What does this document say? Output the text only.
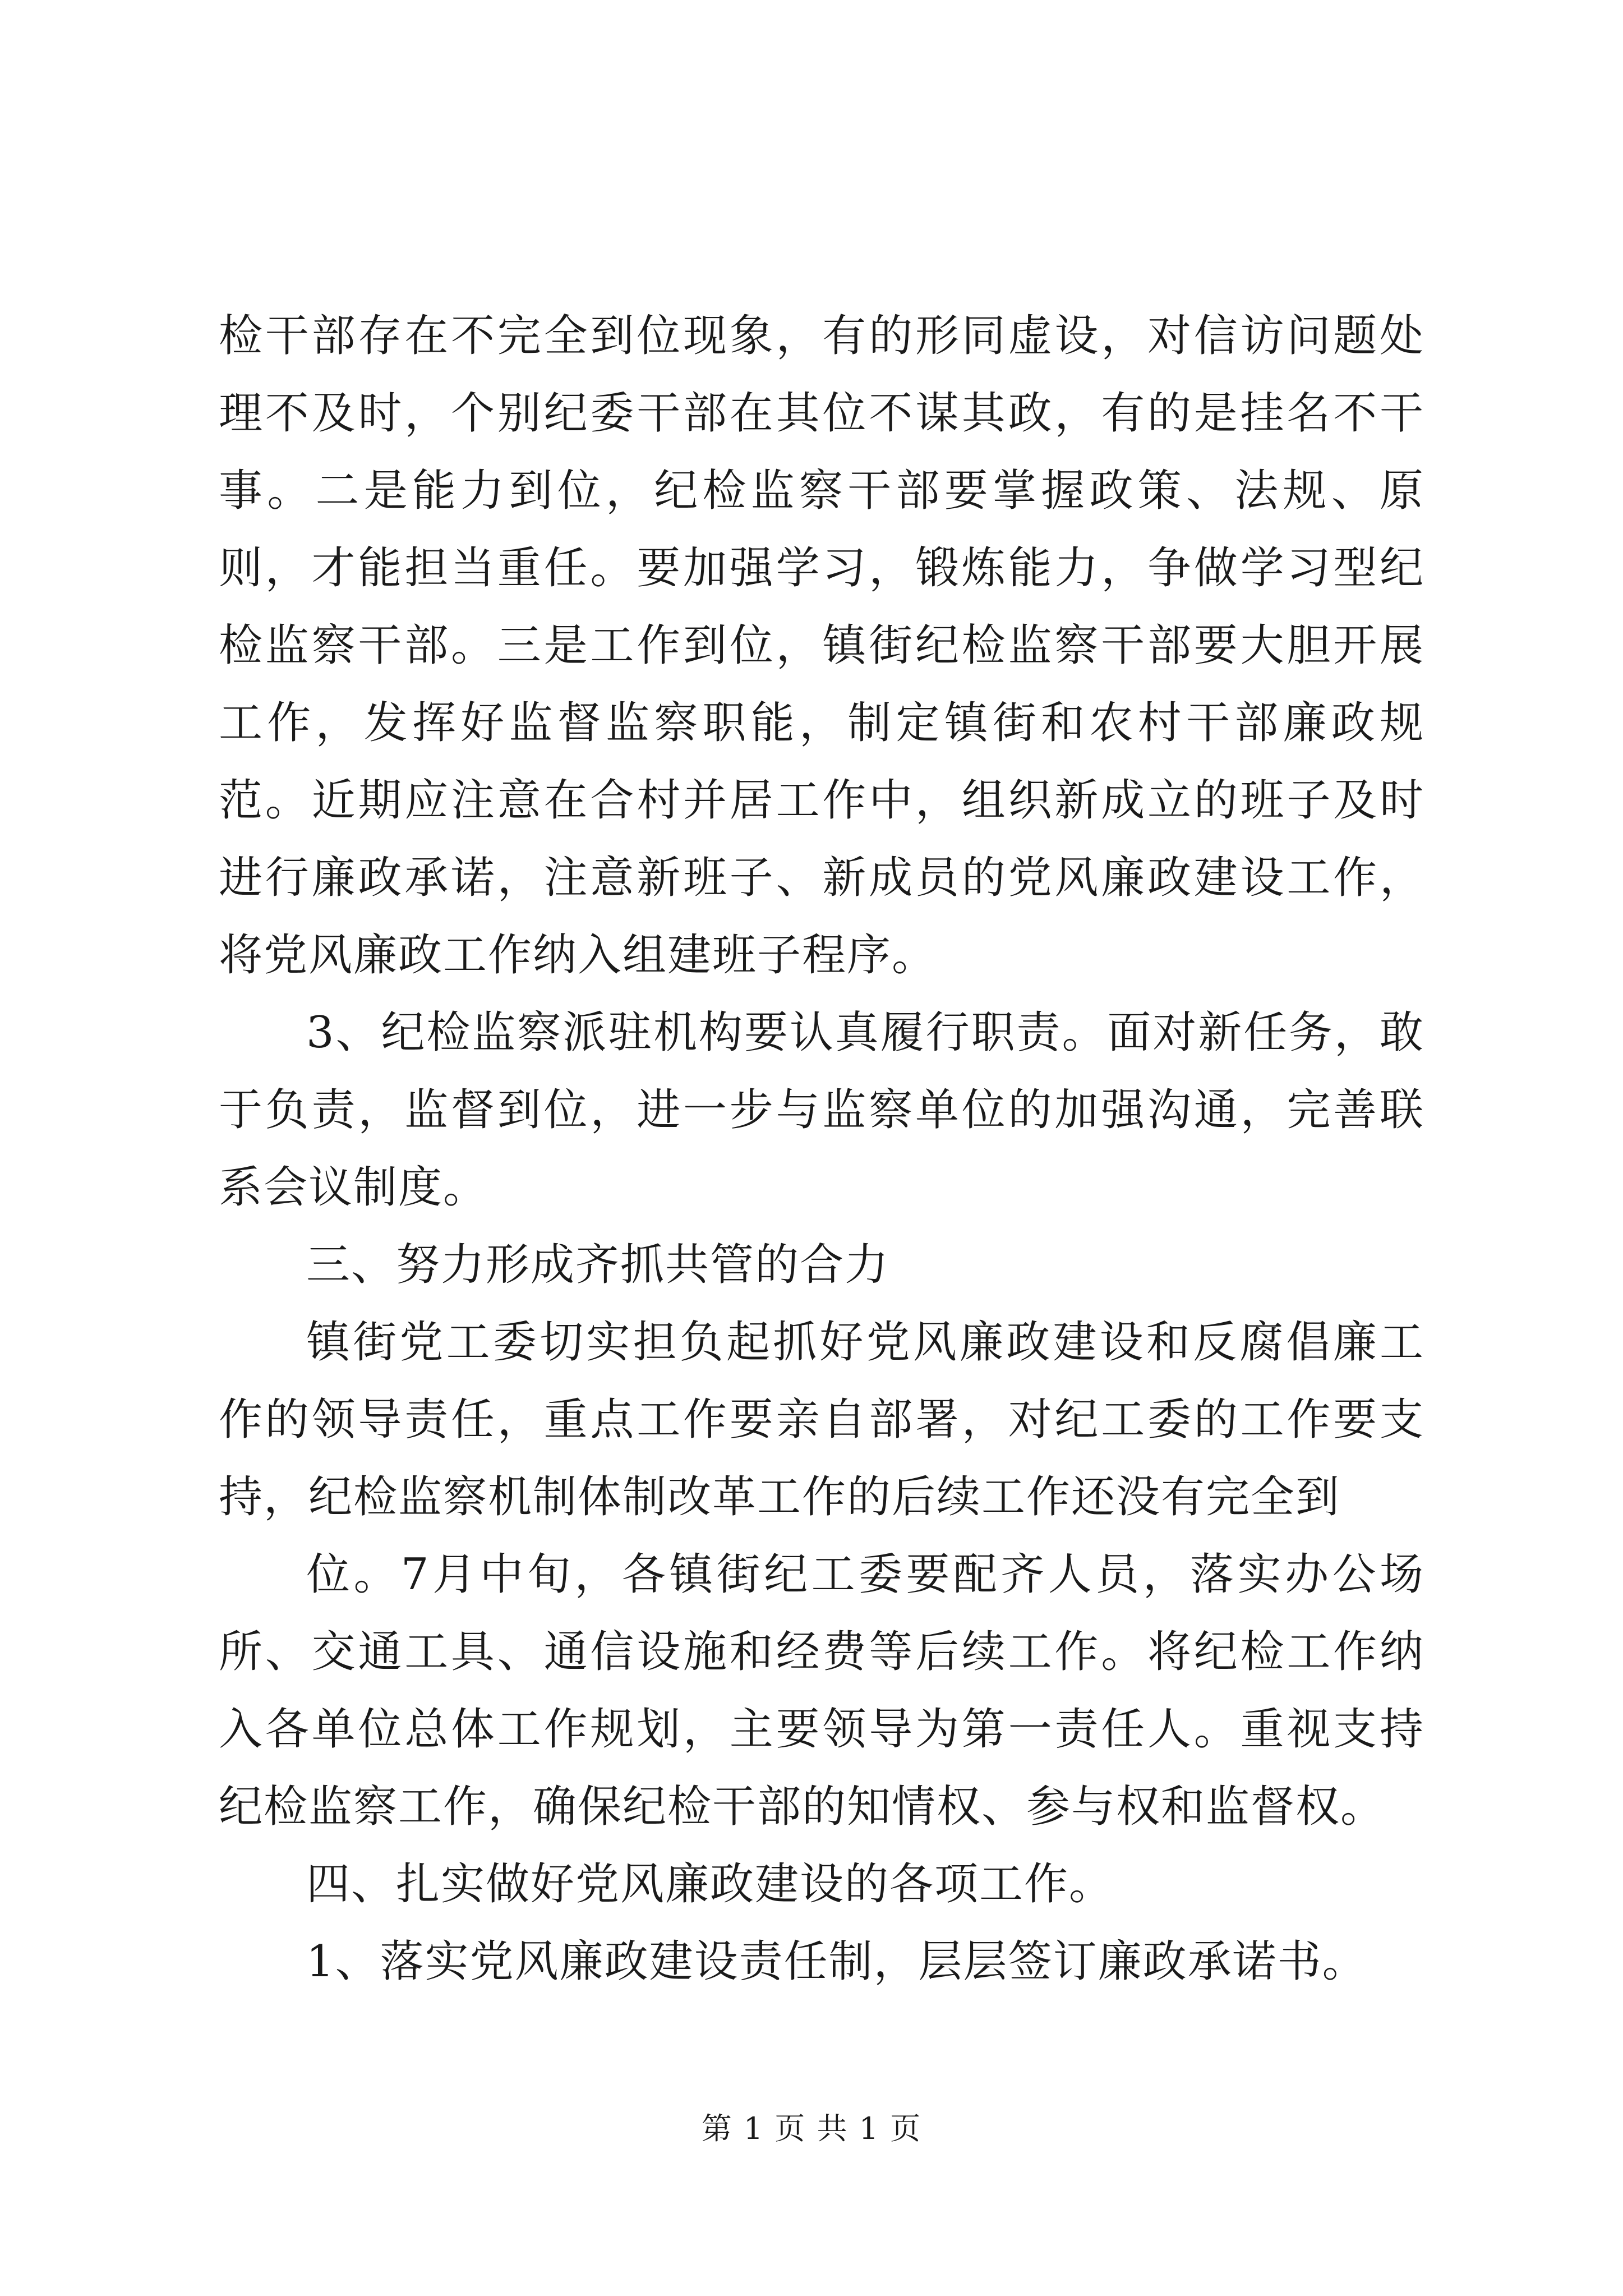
检干部存在不完全到位现象，有的形同虚设，对信访问题处理不及时，个别纪委干部在其位不谋其政，有的是挂名不干事。二是能力到位，纪检监察干部要掌握政策、法规、原则，才能担当重任。要加强学习，锻炼能力，争做学习型纪检监察干部。三是工作到位，镇街纪检监察干部要大胆开展工作，发挥好监督监察职能，制定镇街和农村干部廉政规范。近期应注意在合村并居工作中，组织新成立的班子及时进行廉政承诺，注意新班子、新成员的党风廉政建设工作，将党风廉政工作纳入组建班子程序。

3、纪检监察派驻机构要认真履行职责。面对新任务，敢于负责，监督到位，进一步与监察单位的加强沟通，完善联系会议制度。

三、努力形成齐抓共管的合力

镇街党工委切实担负起抓好党风廉政建设和反腐倡廉工作的领导责任，重点工作要亲自部署，对纪工委的工作要支持，纪检监察机制体制改革工作的后续工作还没有完全到

位。7月中旬，各镇街纪工委要配齐人员，落实办公场所、交通工具、通信设施和经费等后续工作。将纪检工作纳入各单位总体工作规划，主要领导为第一责任人。重视支持纪检监察工作，确保纪检干部的知情权、参与权和监督权。

四、扎实做好党风廉政建设的各项工作。

1、落实党风廉政建设责任制，层层签订廉政承诺书。

第 1 页 共 1 页
